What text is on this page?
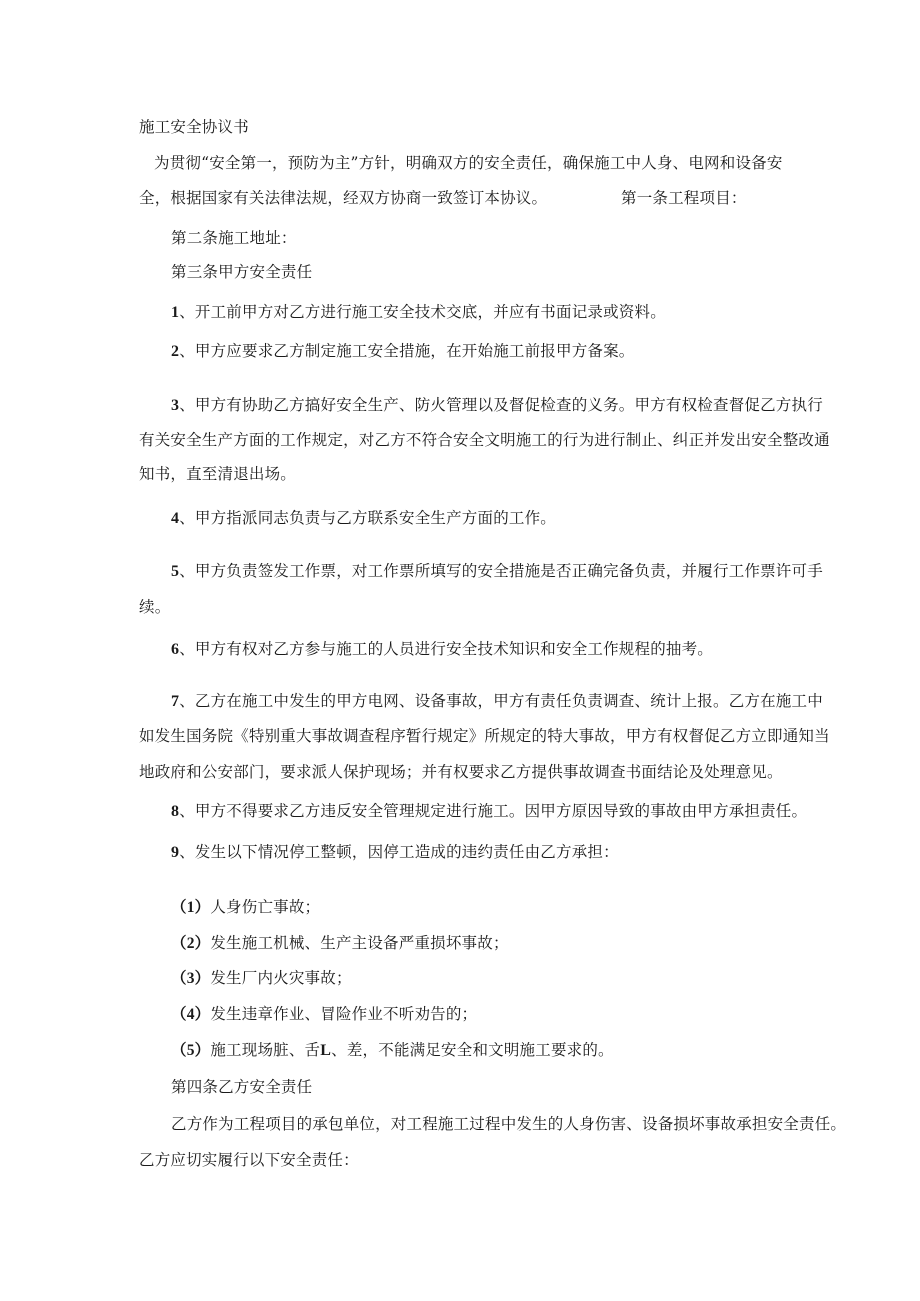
施工安全协议书
为贯彻“安全第一，预防为主”方针，明确双方的安全责任，确保施工中人身、电网和设备安
全，根据国家有关法律法规，经双方协商一致签订本协议。	第一条工程项目：
第二条施工地址：
第三条甲方安全责任
1、开工前甲方对乙方进行施工安全技术交底，并应有书面记录或资料。
2、甲方应要求乙方制定施工安全措施，在开始施工前报甲方备案。
3、甲方有协助乙方搞好安全生产、防火管理以及督促检查的义务。甲方有权检查督促乙方执行
有关安全生产方面的工作规定，对乙方不符合安全文明施工的行为进行制止、纠正并发出安全整改通
知书，直至清退出场。
4、甲方指派同志负责与乙方联系安全生产方面的工作。
5、甲方负责签发工作票，对工作票所填写的安全措施是否正确完备负责，并履行工作票许可手
续。
6、甲方有权对乙方参与施工的人员进行安全技术知识和安全工作规程的抽考。
7、乙方在施工中发生的甲方电网、设备事故，甲方有责任负责调查、统计上报。乙方在施工中
如发生国务院《特别重大事故调查程序暂行规定》所规定的特大事故，甲方有权督促乙方立即通知当
地政府和公安部门，要求派人保护现场；并有权要求乙方提供事故调查书面结论及处理意见。
8、甲方不得要求乙方违反安全管理规定进行施工。因甲方原因导致的事故由甲方承担责任。
9、发生以下情况停工整顿，因停工造成的违约责任由乙方承担：
（1）人身伤亡事故；
（2）发生施工机械、生产主设备严重损坏事故；
（3）发生厂内火灾事故；
（4）发生违章作业、冒险作业不听劝告的；
（5）施工现场脏、舌L、差，不能满足安全和文明施工要求的。
第四条乙方安全责任
乙方作为工程项目的承包单位，对工程施工过程中发生的人身伤害、设备损坏事故承担安全责任。
乙方应切实履行以下安全责任：
